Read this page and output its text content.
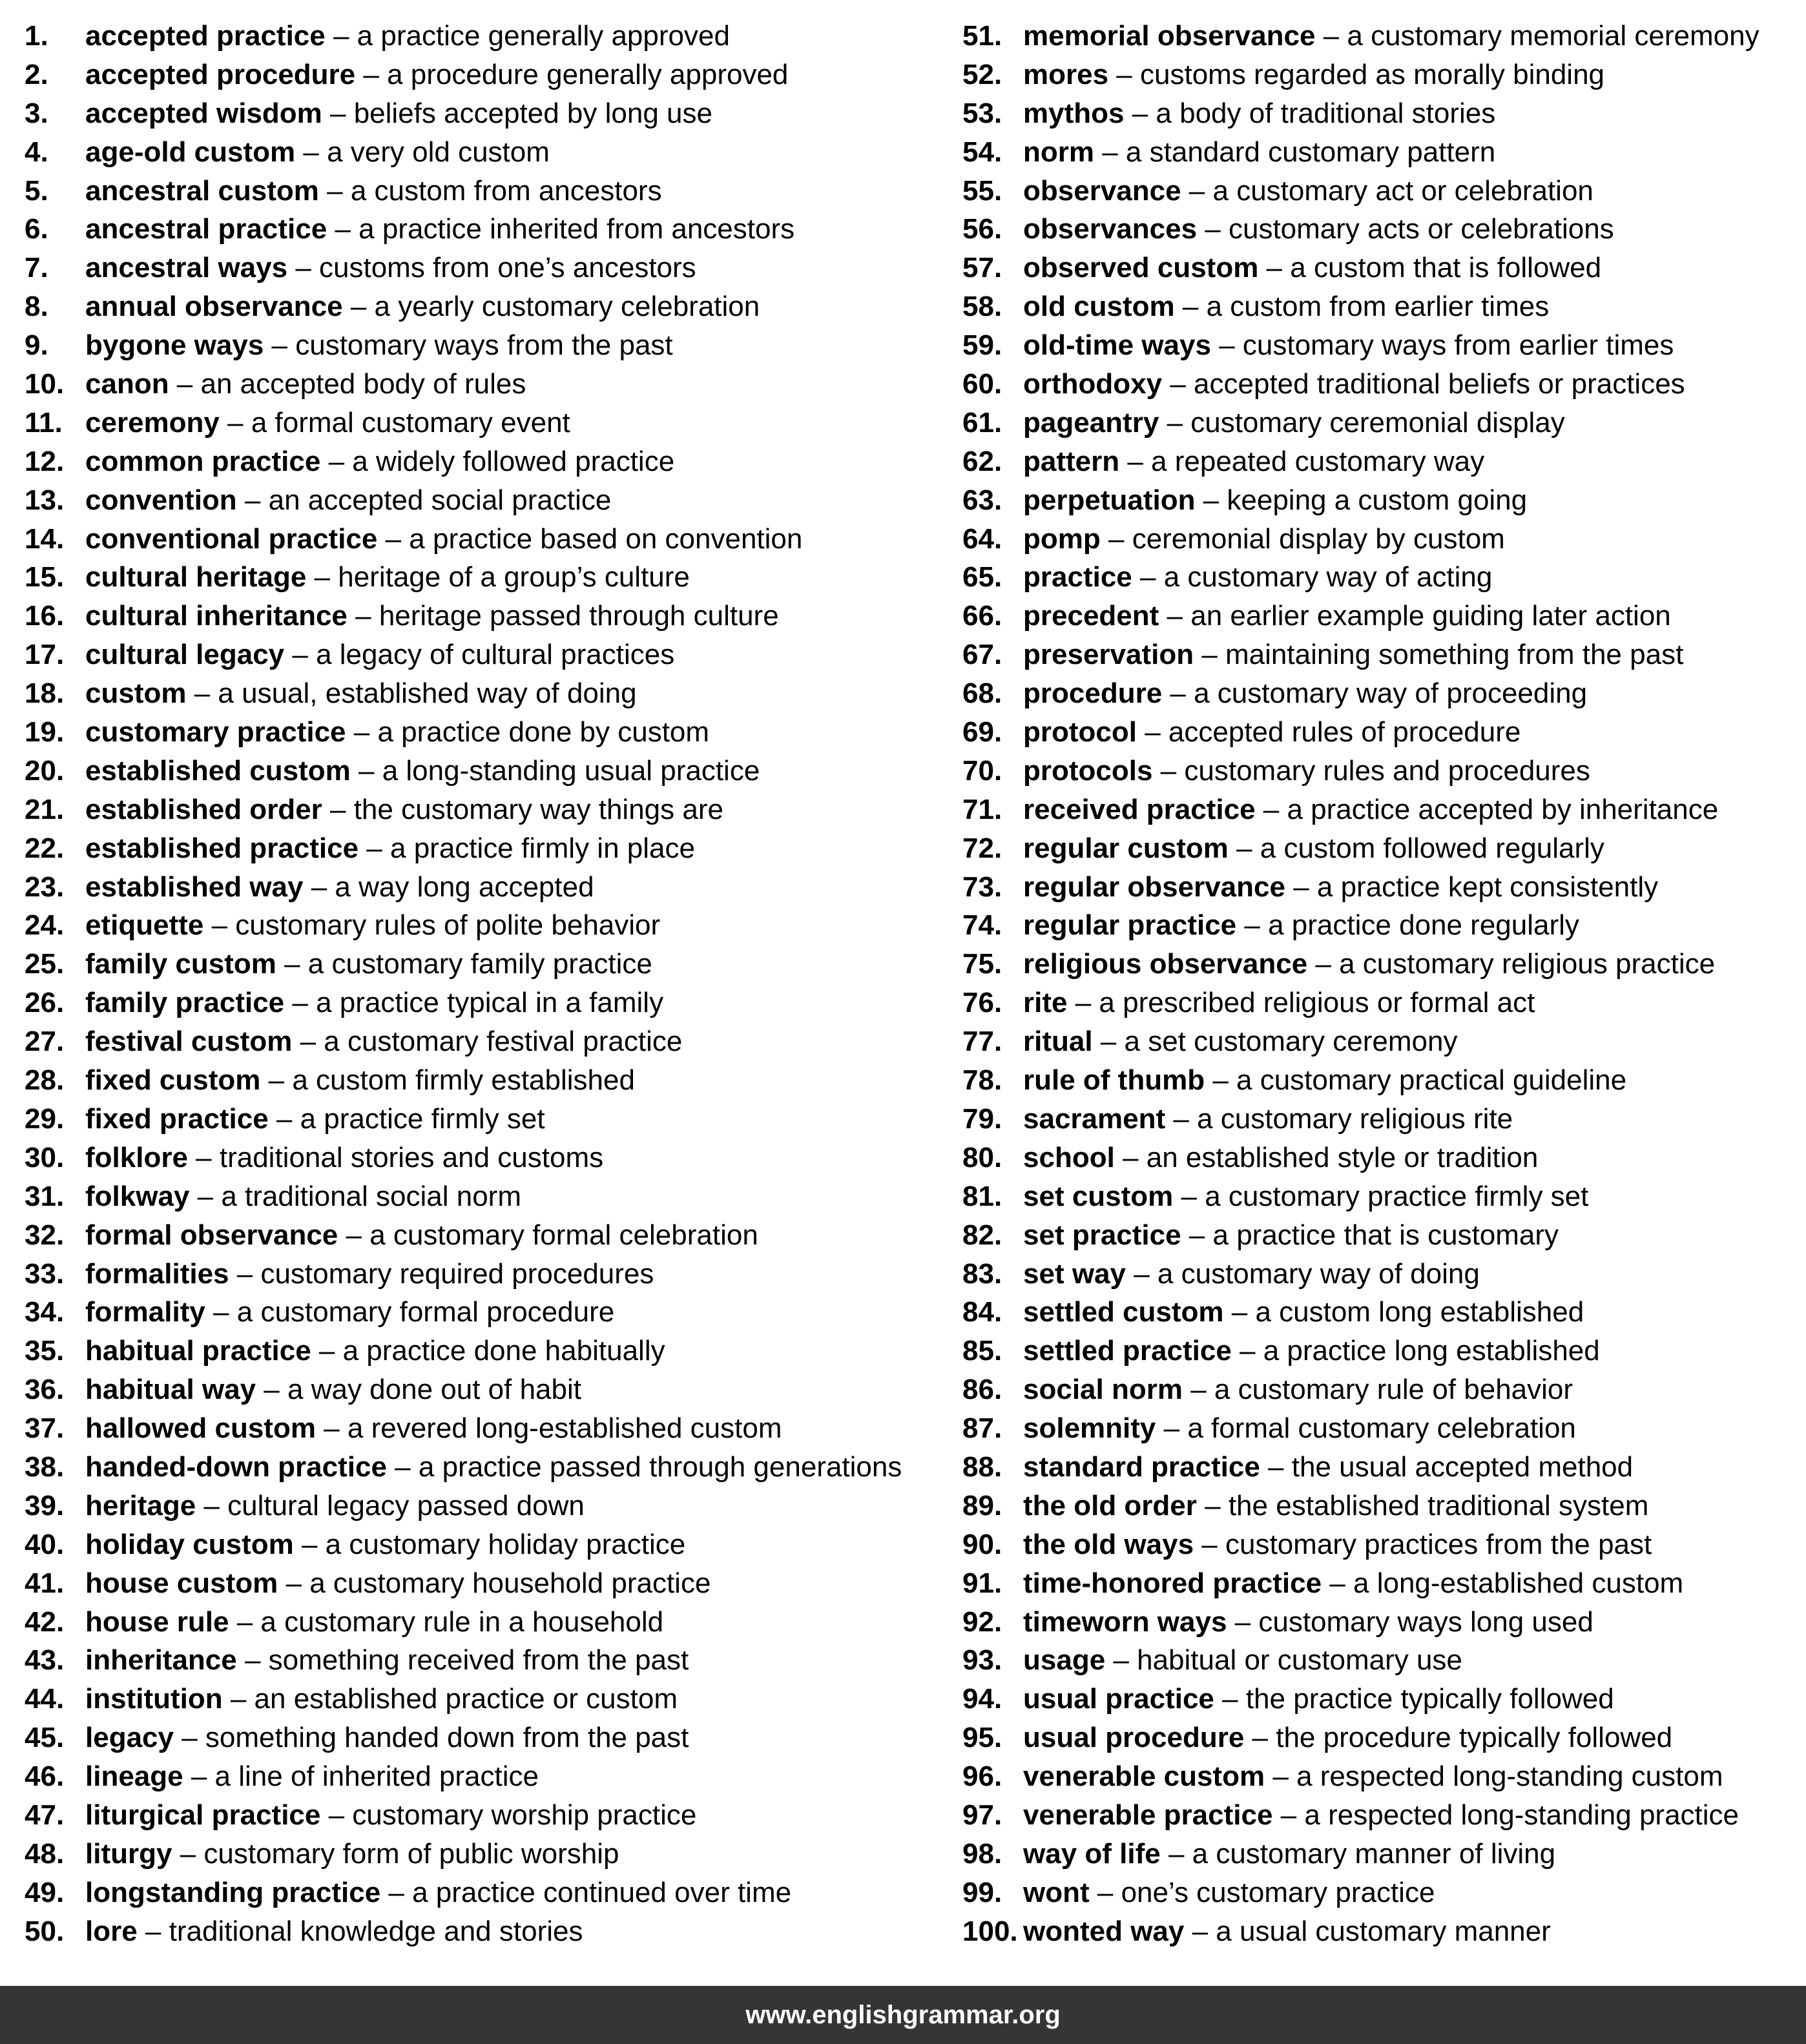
1.	accepted practice – a practice generally approved
2.	accepted procedure – a procedure generally approved
3.	accepted wisdom – beliefs accepted by long use
4.	age-old custom – a very old custom
5.	ancestral custom – a custom from ancestors
6.	ancestral practice – a practice inherited from ancestors
7.	ancestral ways – customs from one’s ancestors
8.	annual observance – a yearly customary celebration
9.	bygone ways – customary ways from the past
10. canon – an accepted body of rules
11. ceremony – a formal customary event
12. common practice – a widely followed practice
13. convention – an accepted social practice
14. conventional practice – a practice based on convention
15. cultural heritage – heritage of a group’s culture
16. cultural inheritance – heritage passed through culture
17. cultural legacy – a legacy of cultural practices
18. custom – a usual, established way of doing
19. customary practice – a practice done by custom
20. established custom – a long-standing usual practice
21. established order – the customary way things are
22. established practice – a practice firmly in place
23. established way – a way long accepted
24. etiquette – customary rules of polite behavior
25. family custom – a customary family practice
26. family practice – a practice typical in a family
27. festival custom – a customary festival practice
28. fixed custom – a custom firmly established
29. fixed practice – a practice firmly set
30. folklore – traditional stories and customs
31. folkway – a traditional social norm
32. formal observance – a customary formal celebration
33. formalities – customary required procedures
34. formality – a customary formal procedure
35. habitual practice – a practice done habitually
36. habitual way – a way done out of habit
37. hallowed custom – a revered long-established custom
38. handed-down practice – a practice passed through generations
39. heritage – cultural legacy passed down
40. holiday custom – a customary holiday practice
41. house custom – a customary household practice
42. house rule – a customary rule in a household
43. inheritance – something received from the past
44. institution – an established practice or custom
45. legacy – something handed down from the past
46. lineage – a line of inherited practice
47. liturgical practice – customary worship practice
48. liturgy – customary form of public worship
49. longstanding practice – a practice continued over time
50. lore – traditional knowledge and stories
51. memorial observance – a customary memorial ceremony
52. mores – customs regarded as morally binding
53. mythos – a body of traditional stories
54. norm – a standard customary pattern
55. observance – a customary act or celebration
56. observances – customary acts or celebrations
57. observed custom – a custom that is followed
58. old custom – a custom from earlier times
59. old-time ways – customary ways from earlier times
60. orthodoxy – accepted traditional beliefs or practices
61. pageantry – customary ceremonial display
62. pattern – a repeated customary way
63. perpetuation – keeping a custom going
64. pomp – ceremonial display by custom
65. practice – a customary way of acting
66. precedent – an earlier example guiding later action
67. preservation – maintaining something from the past
68. procedure – a customary way of proceeding
69. protocol – accepted rules of procedure
70. protocols – customary rules and procedures
71. received practice – a practice accepted by inheritance
72. regular custom – a custom followed regularly
73. regular observance – a practice kept consistently
74. regular practice – a practice done regularly
75. religious observance – a customary religious practice
76. rite – a prescribed religious or formal act
77. ritual – a set customary ceremony
78. rule of thumb – a customary practical guideline
79. sacrament – a customary religious rite
80. school – an established style or tradition
81. set custom – a customary practice firmly set
82. set practice – a practice that is customary
83. set way – a customary way of doing
84. settled custom – a custom long established
85. settled practice – a practice long established
86. social norm – a customary rule of behavior
87. solemnity – a formal customary celebration
88. standard practice – the usual accepted method
89. the old order – the established traditional system
90. the old ways – customary practices from the past
91. time-honored practice – a long-established custom
92. timeworn ways – customary ways long used
93. usage – habitual or customary use
94. usual practice – the practice typically followed
95. usual procedure – the procedure typically followed
96. venerable custom – a respected long-standing custom
97. venerable practice – a respected long-standing practice
98. way of life – a customary manner of living
99. wont – one’s customary practice
100. wonted way – a usual customary manner
www.englishgrammar.org
